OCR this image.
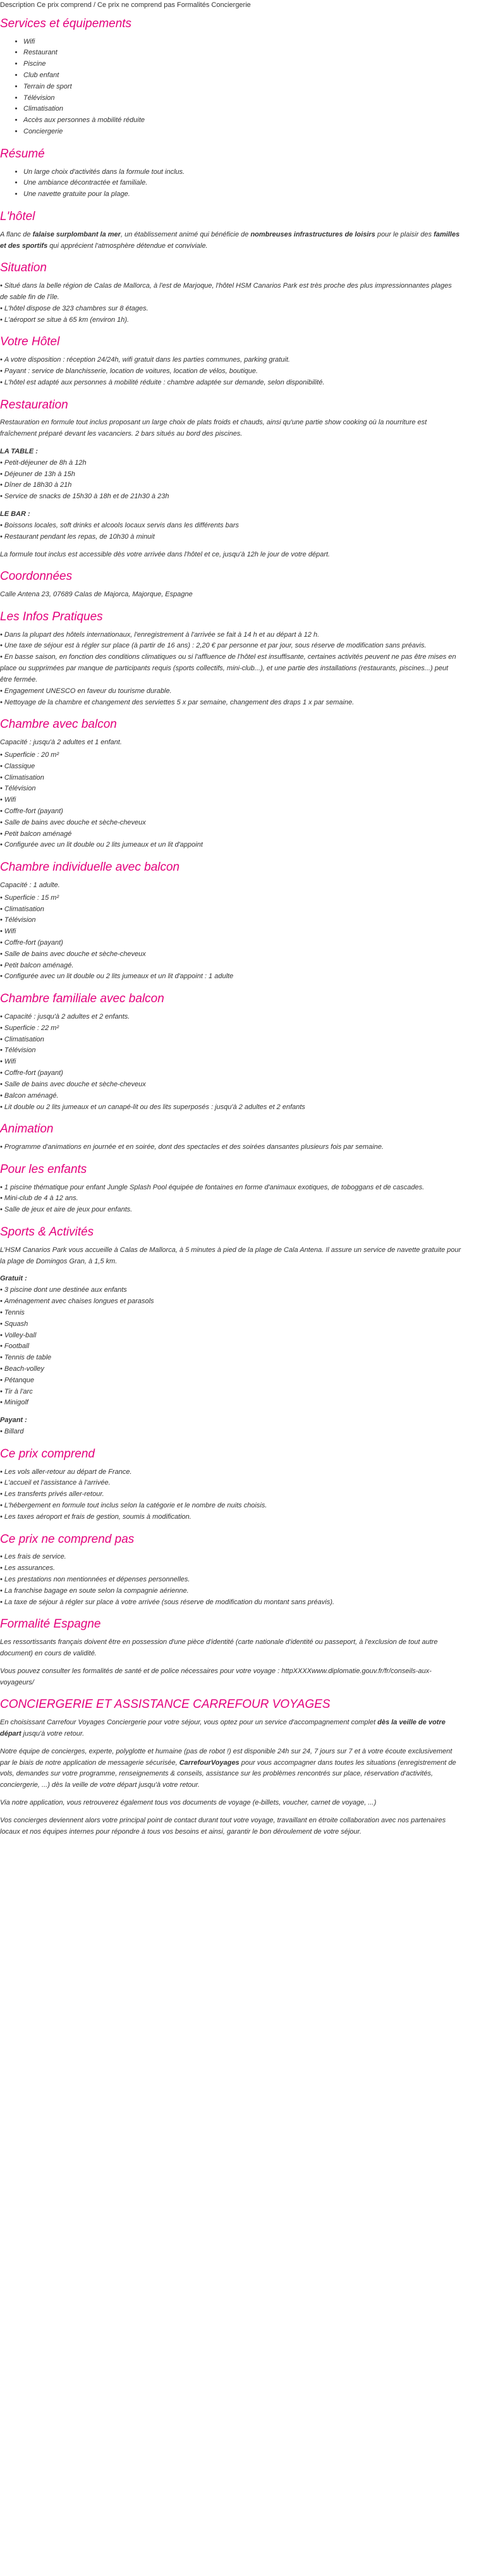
Description Ce prix comprend / Ce prix ne comprend pas Formalités Conciergerie
Services et équipements
• Wifi
• Restaurant
• Piscine
• Club enfant
• Terrain de sport
• Télévision
• Climatisation
• Accès aux personnes à mobilité réduite
• Conciergerie
Résumé
• Un large choix d'activités dans la formule tout inclus.
• Une ambiance décontractée et familiale.
• Une navette gratuite pour la plage.
L'hôtel

A flanc de falaise surplombant la mer, un établissement animé qui bénéficie de nombreuses infrastructures de loisirs pour le plaisir des familles et des sportifs qui apprécient l'atmosphère détendue et conviviale.

Situation
• Situé dans la belle région de Calas de Mallorca, à l'est de Marjoque, l'hôtel HSM Canarios Park est très proche des plus impressionnantes plages de sable fin de l'île.
• L'hôtel dispose de 323 chambres sur 8 étages.
• L'aéroport se situe à 65 km (environ 1h).
Votre Hôtel
• A votre disposition : réception 24/24h, wifi gratuit dans les parties communes, parking gratuit.
• Payant : service de blanchisserie, location de voitures, location de vélos, boutique.
• L'hôtel est adapté aux personnes à mobilité réduite : chambre adaptée sur demande, selon disponibilité.
Restauration

Restauration en formule tout inclus proposant un large choix de plats froids et chauds, ainsi qu'une partie show cooking où la nourriture est fraîchement préparé devant les vacanciers. 2 bars situés au bord des piscines.

LA TABLE :
• Petit-déjeuner de 8h à 12h
• Déjeuner de 13h à 15h
• Dîner de 18h30 à 21h
• Service de snacks de 15h30 à 18h et de 21h30 à 23h
LE BAR :
• Boissons locales, soft drinks et alcools locaux servis dans les différents bars
• Restaurant pendant les repas, de 10h30 à minuit

La formule tout inclus est accessible dès votre arrivée dans l'hôtel et ce, jusqu'à 12h le jour de votre départ.

Coordonnées

Calle Antena 23, 07689 Calas de Majorca, Majorque, Espagne

Les Infos Pratiques
• Dans la plupart des hôtels internationaux, l'enregistrement à l'arrivée se fait à 14 h et au départ à 12 h.
• Une taxe de séjour est à régler sur place (à partir de 16 ans) : 2,20 € par personne et par jour, sous réserve de modification sans préavis.
• En basse saison, en fonction des conditions climatiques ou si l'affluence de l'hôtel est insuffisante, certaines activités peuvent ne pas être mises en place ou supprimées par manque de participants requis (sports collectifs, mini-club...), et une partie des installations (restaurants, piscines...) peut être fermée.
• Engagement UNESCO en faveur du tourisme durable.
• Nettoyage de la chambre et changement des serviettes 5 x par semaine, changement des draps 1 x par semaine.
Chambre avec balcon
Capacité : jusqu'à 2 adultes et 1 enfant.
• Superficie : 20 m²
• Classique
• Climatisation
• Télévision
• Wifi
• Coffre-fort (payant)
• Salle de bains avec douche et sèche-cheveux
• Petit balcon aménagé
• Configurée avec un lit double ou 2 lits jumeaux et un lit d'appoint
Chambre individuelle avec balcon
Capacité : 1 adulte.
• Superficie : 15 m²
• Climatisation
• Télévision
• Wifi
• Coffre-fort (payant)
• Salle de bains avec douche et sèche-cheveux
• Petit balcon aménagé.
• Configurée avec un lit double ou 2 lits jumeaux et un lit d'appoint : 1 adulte
Chambre familiale avec balcon
• Capacité : jusqu'à 2 adultes et 2 enfants.
• Superficie : 22 m²
• Climatisation
• Télévision
• Wifi
• Coffre-fort (payant)
• Salle de bains avec douche et sèche-cheveux
• Balcon aménagé.
• Lit double ou 2 lits jumeaux et un canapé-lit ou des lits superposés : jusqu'à 2 adultes et 2 enfants
Animation
• Programme d'animations en journée et en soirée, dont des spectacles et des soirées dansantes plusieurs fois par semaine.
Pour les enfants
• 1 piscine thématique pour enfant Jungle Splash Pool équipée de fontaines en forme d'animaux exotiques, de toboggans et de cascades.
• Mini-club de 4 à 12 ans.
• Salle de jeux et aire de jeux pour enfants.
Sports & Activités

L'HSM Canarios Park vous accueille à Calas de Mallorca, à 5 minutes à pied de la plage de Cala Antena. Il assure un service de navette gratuite pour la plage de Domingos Gran, à 1,5 km.

Gratuit :
• 3 piscine dont une destinée aux enfants
• Aménagement avec chaises longues et parasols
• Tennis
• Squash
• Volley-ball
• Football
• Tennis de table
• Beach-volley
• Pétanque
• Tir à l'arc
• Minigolf
Payant :
• Billard
Ce prix comprend
• Les vols aller-retour au départ de France.
• L'accueil et l'assistance à l'arrivée.
• Les transferts privés aller-retour.
• L'hébergement en formule tout inclus selon la catégorie et le nombre de nuits choisis.
• Les taxes aéroport et frais de gestion, soumis à modification.
Ce prix ne comprend pas
• Les frais de service.
• Les assurances.
• Les prestations non mentionnées et dépenses personnelles.
• La franchise bagage en soute selon la compagnie aérienne.
• La taxe de séjour à régler sur place à votre arrivée (sous réserve de modification du montant sans préavis).
Formalité Espagne

Les ressortissants français doivent être en possession d'une pièce d'identité (carte nationale d'identité ou passeport, à l'exclusion de tout autre document) en cours de validité.

Vous pouvez consulter les formalités de santé et de police nécessaires pour votre voyage : httpXXXXwww.diplomatie.gouv.fr/fr/conseils-aux-voyageurs/

CONCIERGERIE ET ASSISTANCE CARREFOUR VOYAGES

En choisissant Carrefour Voyages Conciergerie pour votre séjour, vous optez pour un service d'accompagnement complet dès la veille de votre départ jusqu'à votre retour.

Notre équipe de concierges, experte, polyglotte et humaine (pas de robot !) est disponible 24h sur 24, 7 jours sur 7 et à votre écoute exclusivement par le biais de notre application de messagerie sécurisée, CarrefourVoyages pour vous accompagner dans toutes les situations (enregistrement de vols, demandes sur votre programme, renseignements & conseils, assistance sur les problèmes rencontrés sur place, réservation d'activités, conciergerie, ...) dès la veille de votre départ jusqu'à votre retour.

Via notre application, vous retrouverez également tous vos documents de voyage (e-billets, voucher, carnet de voyage, ...)

Vos concierges deviennent alors votre principal point de contact durant tout votre voyage, travaillant en étroite collaboration avec nos partenaires locaux et nos équipes internes pour répondre à tous vos besoins et ainsi, garantir le bon déroulement de votre séjour.
